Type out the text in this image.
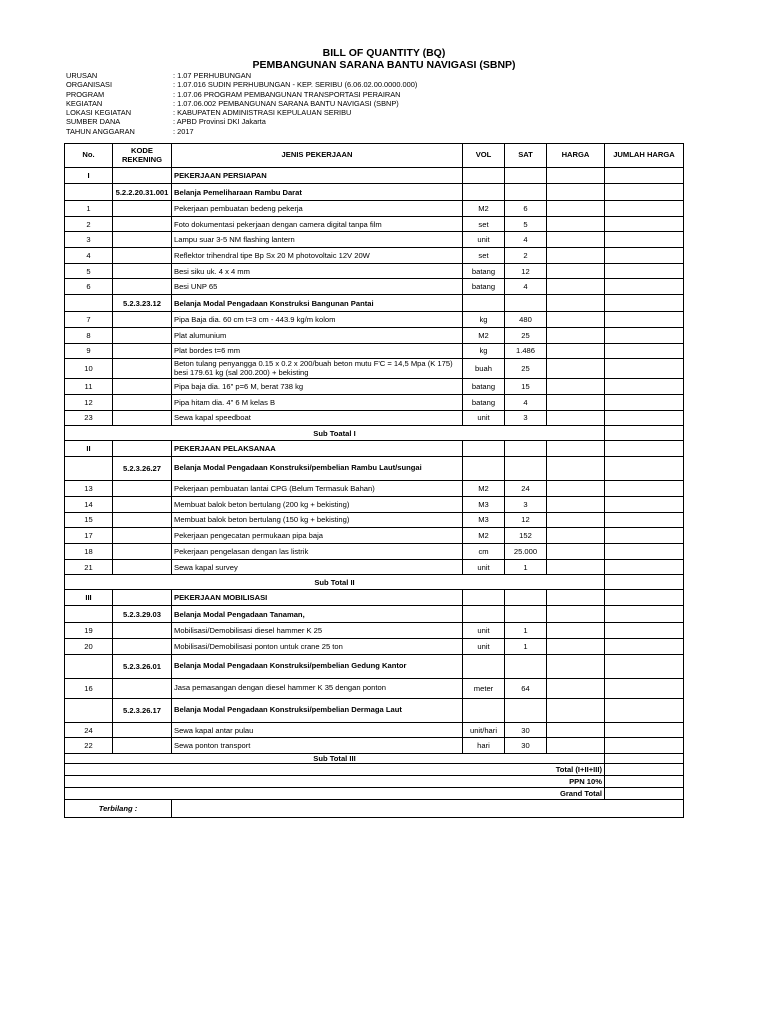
BILL OF QUANTITY (BQ)
PEMBANGUNAN SARANA BANTU NAVIGASI (SBNP)
URUSAN	: 1.07 PERHUBUNGAN
ORGANISASI	: 1.07.016 SUDIN PERHUBUNGAN - KEP. SERIBU (6.06.02.00.0000.000)
PROGRAM	: 1.07.06 PROGRAM PEMBANGUNAN TRANSPORTASI PERAIRAN
KEGIATAN	: 1.07.06.002 PEMBANGUNAN SARANA BANTU NAVIGASI (SBNP)
LOKASI KEGIATAN	: KABUPATEN ADMINISTRASI KEPULAUAN SERIBU
SUMBER DANA	: APBD Provinsi DKI Jakarta
TAHUN ANGGARAN	: 2017
No.	KODE REKENING	JENIS PEKERJAAN	VOL	SAT	HARGA	JUMLAH HARGA
I		PEKERJAAN PERSIAPAN				
	5.2.2.20.31.001	Belanja Pemeliharaan Rambu Darat				
1		Pekerjaan pembuatan bedeng pekerja	M2	6		
2		Foto dokumentasi pekerjaan dengan camera digital tanpa film	set	5		
3		Lampu suar 3-5 NM flashing lantern	unit	4		
4		Reflektor trihendral tipe Bp Sx 20 M photovoltaic 12V 20W	set	2		
5		Besi siku uk. 4 x 4 mm	batang	12		
6		Besi UNP 65	batang	4		
	5.2.3.23.12	Belanja Modal Pengadaan Konstruksi Bangunan Pantai				
7		Pipa Baja dia. 60 cm t=3 cm - 443.9 kg/m kolom	kg	480		
8		Plat alumunium	M2	25		
9		Plat bordes t=6 mm	kg	1.486		
10		Beton tulang penyangga 0.15 x 0.2 x 200/buah beton mutu F'C = 14,5 Mpa (K 175) besi 179.61 kg (sal 200.200) + bekisting	buah	25		
11		Pipa baja dia. 16" p=6 M, berat 738 kg	batang	15		
12		Pipa hitam dia. 4" 6 M kelas B	batang	4		
23		Sewa kapal speedboat	unit	3		
Sub Toatal I						
II		PEKERJAAN PELAKSANAA				
	5.2.3.26.27	Belanja Modal Pengadaan Konstruksi/pembelian Rambu Laut/sungai				
13		Pekerjaan pembuatan lantai CPG (Belum Termasuk Bahan)	M2	24		
14		Membuat balok beton bertulang (200 kg + bekisting)	M3	3		
15		Membuat balok beton bertulang (150 kg + bekisting)	M3	12		
17		Pekerjaan pengecatan permukaan pipa baja	M2	152		
18		Pekerjaan pengelasan dengan las listrik	cm	25.000		
21		Sewa kapal survey	unit	1		
Sub Total II						
III		PEKERJAAN MOBILISASI				
	5.2.3.29.03	Belanja Modal Pengadaan Tanaman,				
19		Mobilisasi/Demobilisasi diesel hammer K 25	unit	1		
20		Mobilisasi/Demobilisasi ponton untuk crane 25 ton	unit	1		
	5.2.3.26.01	Belanja Modal Pengadaan Konstruksi/pembelian Gedung Kantor				
16		Jasa pemasangan dengan diesel hammer K 35 dengan ponton	meter	64		
	5.2.3.26.17	Belanja Modal Pengadaan Konstruksi/pembelian Dermaga Laut				
24		Sewa kapal antar pulau	unit/hari	30		
22		Sewa ponton transport	hari	30		
Sub Total III						
Total (I+II+III)						
PPN 10%						
Grand Total						
Terbilang :						
